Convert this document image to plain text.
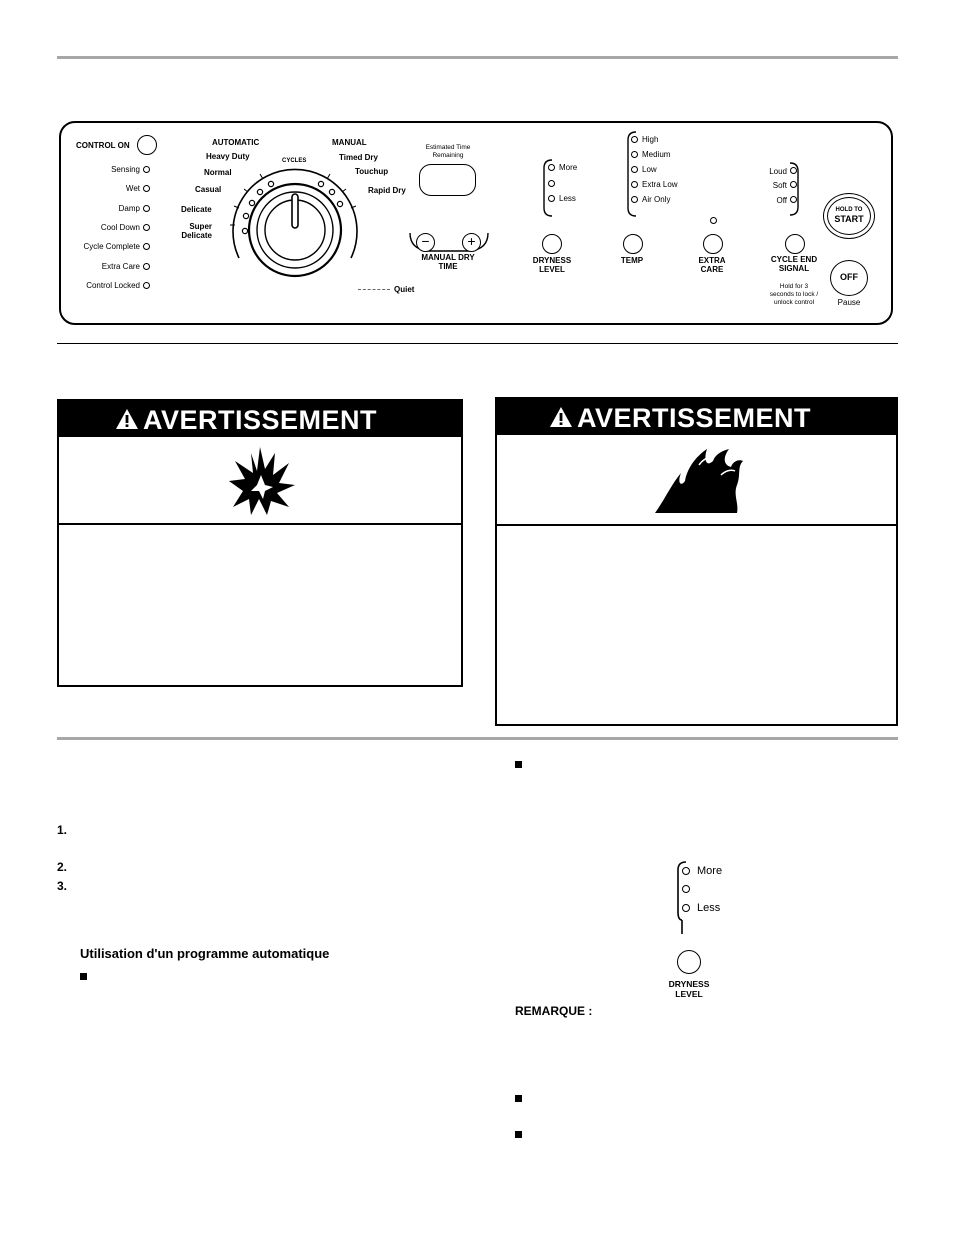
CONTROL ON
Sensing
Wet
Damp
Cool Down
Cycle Complete
Extra Care
Control Locked
AUTOMATIC	MANUAL
CYCLES
Heavy Duty
Normal
Casual
Delicate
Super Delicate
Timed Dry
Touchup
Rapid Dry
Estimated Time Remaining
−	+
MANUAL DRY TIME
Quiet
More
Less
DRYNESS LEVEL
High
Medium
Low
Extra Low
Air Only
TEMP	EXTRA CARE
Loud
Soft
Off
CYCLE END SIGNAL
Hold for 3 seconds to lock / unlock control
HOLD TO
START
OFF
Pause
AVERTISSEMENT	AVERTISSEMENT
1.
2.
3.
Utilisation d'un programme automatique
More
Less
DRYNESS LEVEL
REMARQUE :
